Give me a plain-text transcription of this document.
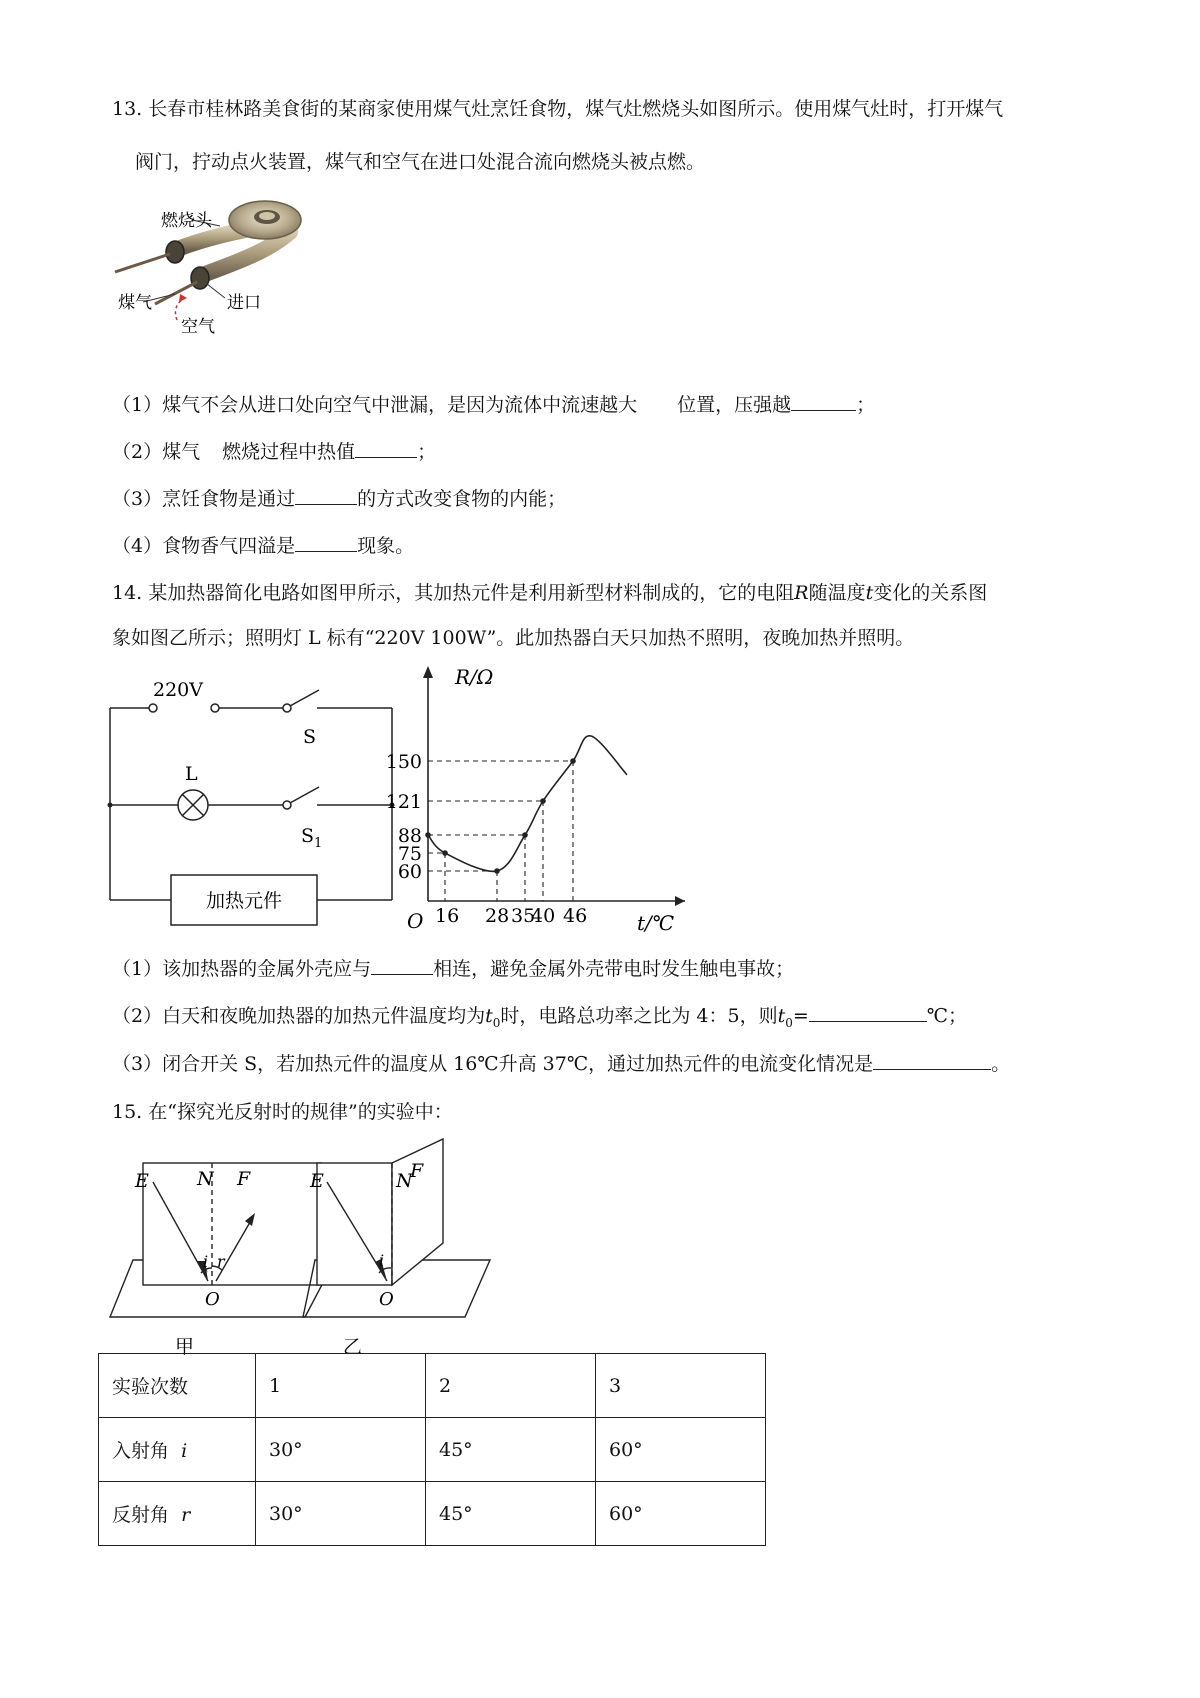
13. 长春市桂林路美食街的某商家使用煤气灶烹饪食物，煤气灶燃烧头如图所示。使用煤气灶时，打开煤气
阀门，拧动点火装置，煤气和空气在进口处混合流向燃烧头被点燃。
燃烧头
煤气	进口
空气
（1）煤气不会从进口处向空气中泄漏，是因为流体中流速越大 位置，压强越	；
（2）煤气 燃烧过程中热值	；
（3）烹饪食物是通过	的方式改变食物的内能；
（4）食物香气四溢是	现象。
14. 某加热器简化电路如图甲所示，其加热元件是利用新型材料制成的，它的电阻R随温度t变化的关系图
象如图乙所示；照明灯 L 标有“220V 100W”。此加热器白天只加热不照明，夜晚加热并照明。
220V
S
L
$S_1$
加热元件
R/Ω
t/℃
O 16 28 35
40 46
60
75
88
121
150
（1）该加热器的金属外壳应与	相连，避免金属外壳带电时发生触电事故；
（2）白天和夜晚加热器的加热元件温度均为$t_0$时，电路总功率之比为 4：5，则$t_0=$	℃；
（3）闭合开关 S，若加热元件的温度从 16℃升高 37℃，通过加热元件的电流变化情况是	。
15. 在“探究光反射时的规律”的实验中：
E	N F
i r
O
E	N
F
i
O
甲	乙
实验次数	1	2	3
入射角 i	30°	45°	60°
反射角 r	30°	45°	60°
